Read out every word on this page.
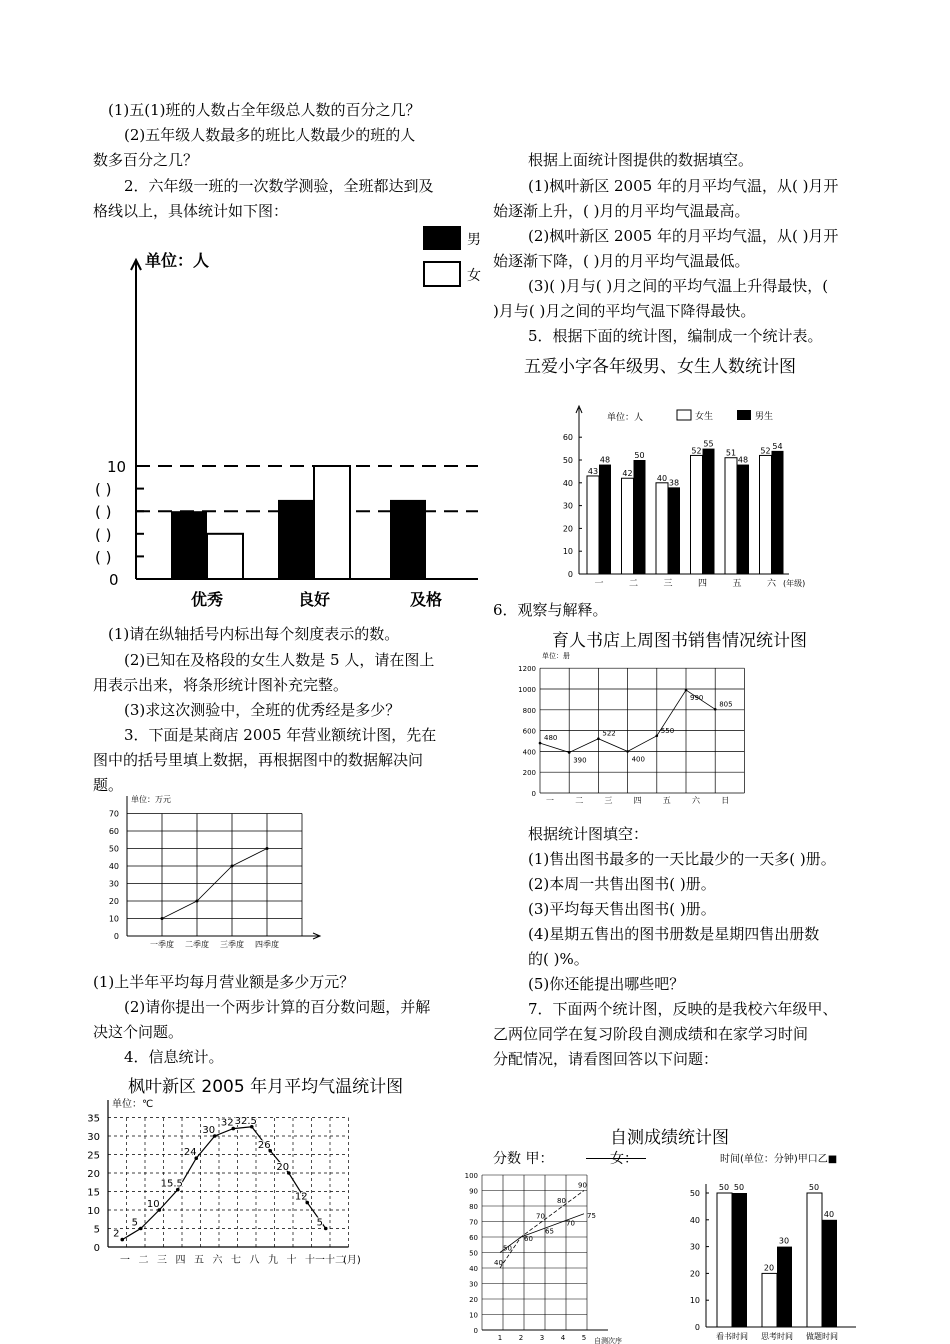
(1)五(1)班的人数占全年级总人数的百分之几？
(2)五年级人数最多的班比人数最少的班的人
数多百分之几？
2．六年级一班的一次数学测验，全班都达到及
格线以上，具体统计如下图：
单位：人
0
( )
( )
( )
( )
10
优秀	良好	及格
男
女
(1)请在纵轴括号内标出每个刻度表示的数。
(2)已知在及格段的女生人数是 5 人，请在图上
用表示出来，将条形统计图补充完整。
(3)求这次测验中，全班的优秀经是多少？
3．下面是某商店 2005 年营业额统计图，先在
图中的括号里填上数据，再根据图中的数据解决问
题。
0
10
20
30
40
50
60
70
单位：万元
一季度 二季度 三季度 四季度
(1)上半年平均每月营业额是多少万元？
(2)请你提出一个两步计算的百分数问题，并解
决这个问题。
4．信息统计。
枫叶新区 2005 年月平均气温统计图
0
5
10
15
20
25
30
35
单位：℃
2
5
10
15.5
24
30
32 32.5
26
20
12
5
一 二 三 四 五 六 七 八 九 十 十一 十二
(月)
根据上面统计图提供的数据填空。
(1)枫叶新区 2005 年的月平均气温，从( )月开
始逐渐上升，( )月的月平均气温最高。
(2)枫叶新区 2005 年的月平均气温，从( )月开
始逐渐下降，( )月的月平均气温最低。
(3)( )月与( )月之间的平均气温上升得最快，(
)月与( )月之间的平均气温下降得最快。
5．根据下面的统计图，编制成一个统计表。
五爱小字各年级男、女生人数统计图
0
10
20
30
40
50
60
单位：人	女生	男生
43
48
一
42
50
二
40
38
三
52
55
四
51
48
五
52
54
六 (年级)
6．观察与解释。
育人书店上周图书销售情况统计图
0
200
400
600
800
1000
1200
单位：册
480
390
522
400
550
990
805
一	二	三	四	五	六	日
根据统计图填空：
(1)售出图书最多的一天比最少的一天多( )册。
(2)本周一共售出图书( )册。
(3)平均每天售出图书( )册。
(4)星期五售出的图书册数是星期四售出册数
的( )%。
(5)你还能提出哪些吧？
7．下面两个统计图，反映的是我校六年级甲、
乙两位同学在复习阶段自测成绩和在家学习时间
分配情况，请看图回答以下问题：
自测成绩统计图
分数 甲：	女：	时间(单位：分钟)甲口乙■
0
10
20
30
40
50
60
70
80
90
100
50
60
65
70
75
40
70
80
90
1 2 3 4 5 自测次序
0
10
20
30
40
50
50 50
看书时间
20
30
思考时间
50
40
做题时间
